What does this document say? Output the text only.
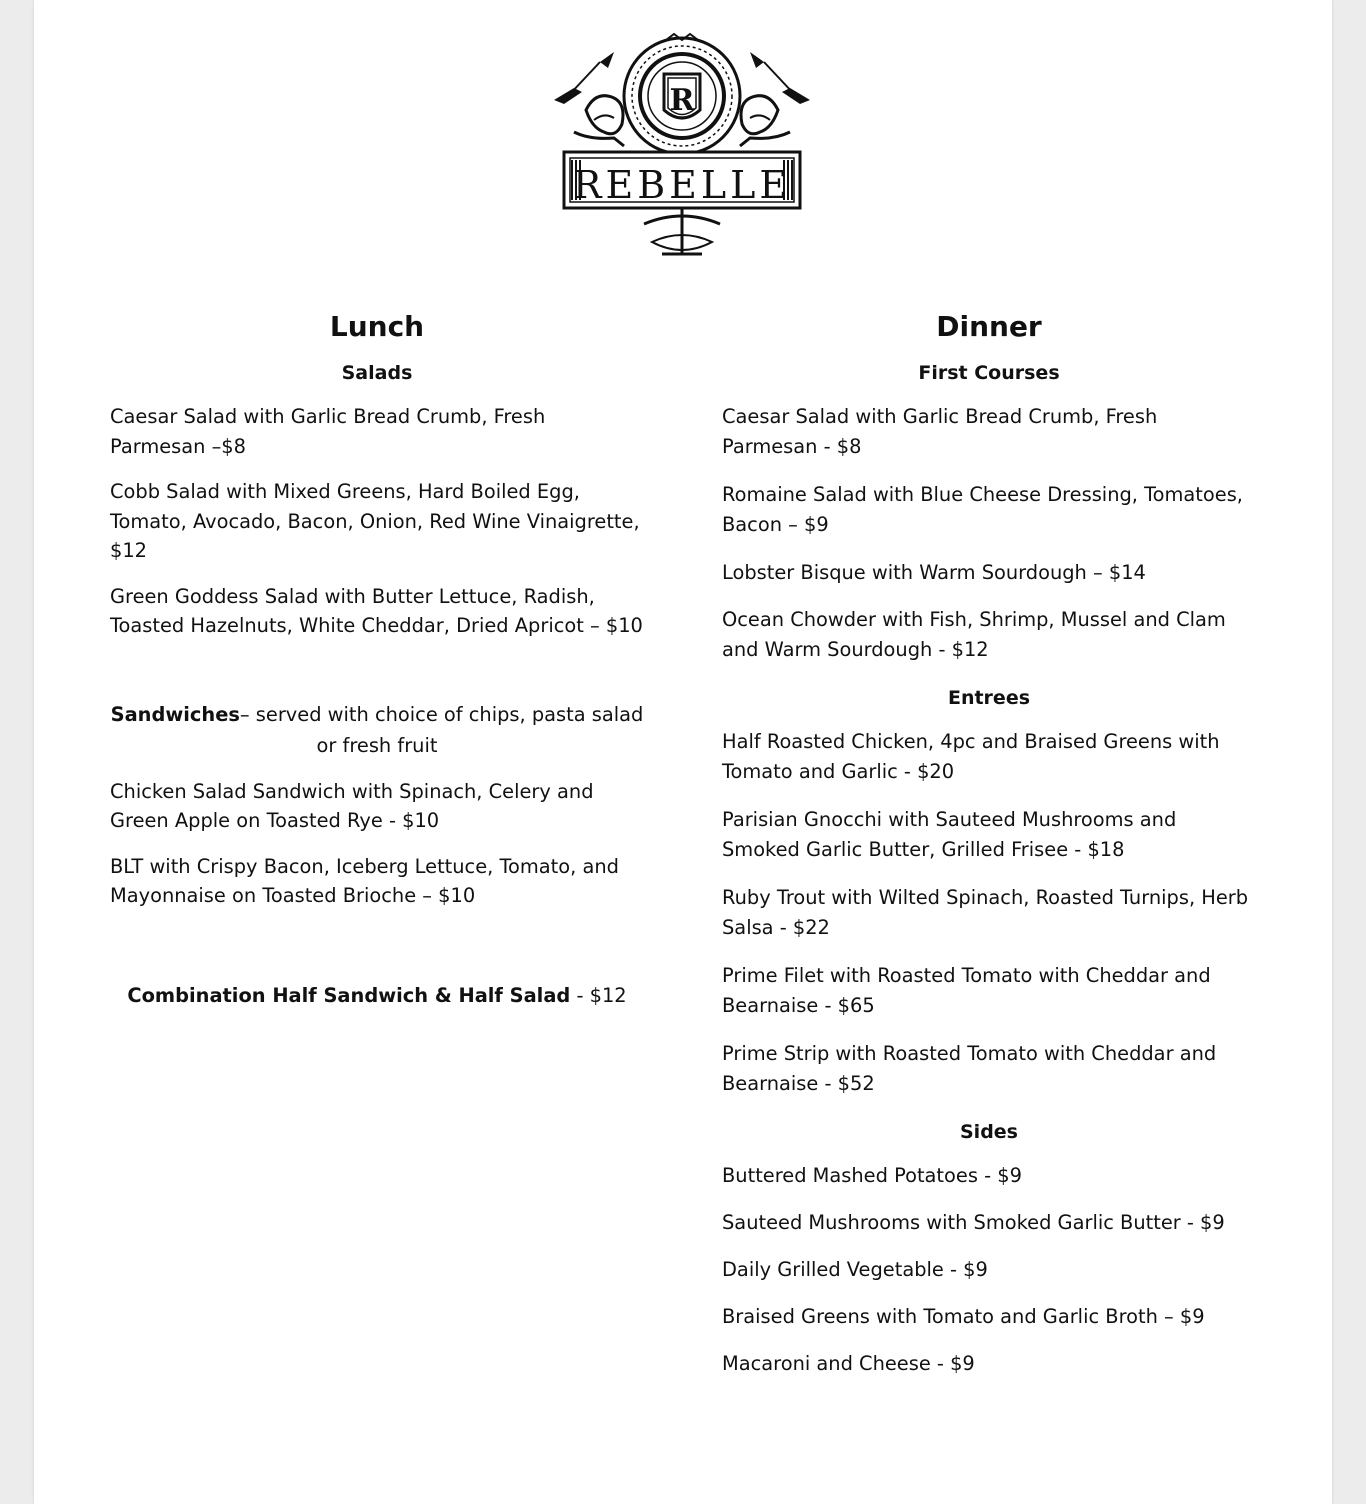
R
REBELLE
Lunch
Salads
Caesar Salad with Garlic Bread Crumb, Fresh Parmesan –$8
Cobb Salad with Mixed Greens, Hard Boiled Egg, Tomato, Avocado, Bacon, Onion, Red Wine Vinaigrette, $12
Green Goddess Salad with Butter Lettuce, Radish, Toasted Hazelnuts, White Cheddar, Dried Apricot – $10
Sandwiches– served with choice of chips, pasta salad or fresh fruit
Chicken Salad Sandwich with Spinach, Celery and Green Apple on Toasted Rye - $10
BLT with Crispy Bacon, Iceberg Lettuce, Tomato, and Mayonnaise on Toasted Brioche – $10
Combination Half Sandwich & Half Salad - $12
Dinner
First Courses
Caesar Salad with Garlic Bread Crumb, Fresh Parmesan - $8
Romaine Salad with Blue Cheese Dressing, Tomatoes, Bacon – $9
Lobster Bisque with Warm Sourdough – $14
Ocean Chowder with Fish, Shrimp, Mussel and Clam and Warm Sourdough - $12
Entrees
Half Roasted Chicken, 4pc and Braised Greens with Tomato and Garlic - $20
Parisian Gnocchi with Sauteed Mushrooms and Smoked Garlic Butter, Grilled Frisee - $18
Ruby Trout with Wilted Spinach, Roasted Turnips, Herb Salsa - $22
Prime Filet with Roasted Tomato with Cheddar and Bearnaise - $65
Prime Strip with Roasted Tomato with Cheddar and Bearnaise - $52
Sides
Buttered Mashed Potatoes - $9
Sauteed Mushrooms with Smoked Garlic Butter - $9
Daily Grilled Vegetable - $9
Braised Greens with Tomato and Garlic Broth – $9
Macaroni and Cheese - $9
